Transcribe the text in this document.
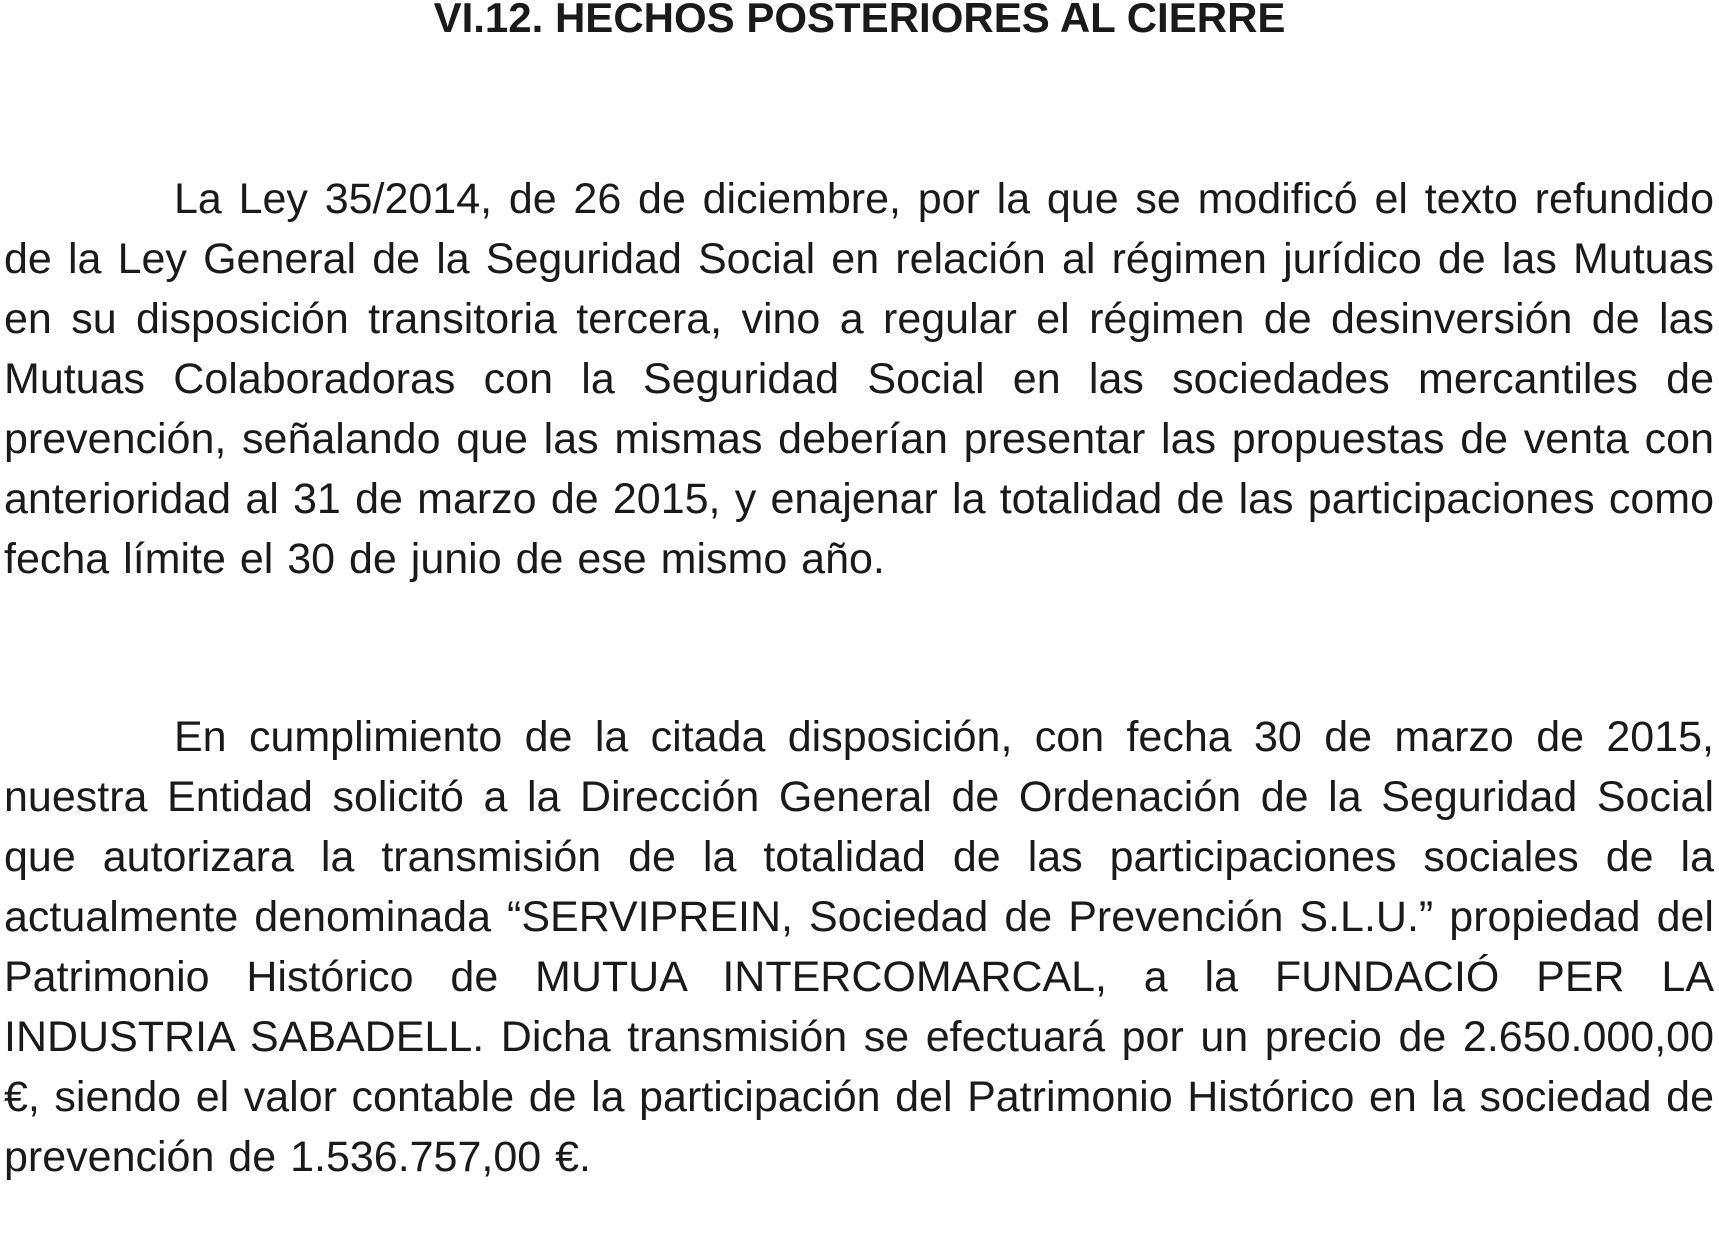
VI.12. HECHOS POSTERIORES AL CIERRE

La Ley 35/2014, de 26 de diciembre, por la que se modificó el texto refundido de la Ley General de la Seguridad Social en relación al régimen jurídico de las Mutuas en su disposición transitoria tercera, vino a regular el régimen de desinversión de las Mutuas Colaboradoras con la Seguridad Social en las sociedades mercantiles de prevención, señalando que las mismas deberían presentar las propuestas de venta con anterioridad al 31 de marzo de 2015, y enajenar la totalidad de las participaciones como fecha límite el 30 de junio de ese mismo año.

En cumplimiento de la citada disposición, con fecha 30 de marzo de 2015, nuestra Entidad solicitó a la Dirección General de Ordenación de la Seguridad Social que autorizara la transmisión de la totalidad de las participaciones sociales de la actualmente denominada “SERVIPREIN, Sociedad de Prevención S.L.U.” propiedad del Patrimonio Histórico de MUTUA INTERCOMARCAL, a la FUNDACIÓ PER LA INDUSTRIA SABADELL. Dicha transmisión se efectuará por un precio de 2.650.000,00 €, siendo el valor contable de la participación del Patrimonio Histórico en la sociedad de prevención de 1.536.757,00 €.
